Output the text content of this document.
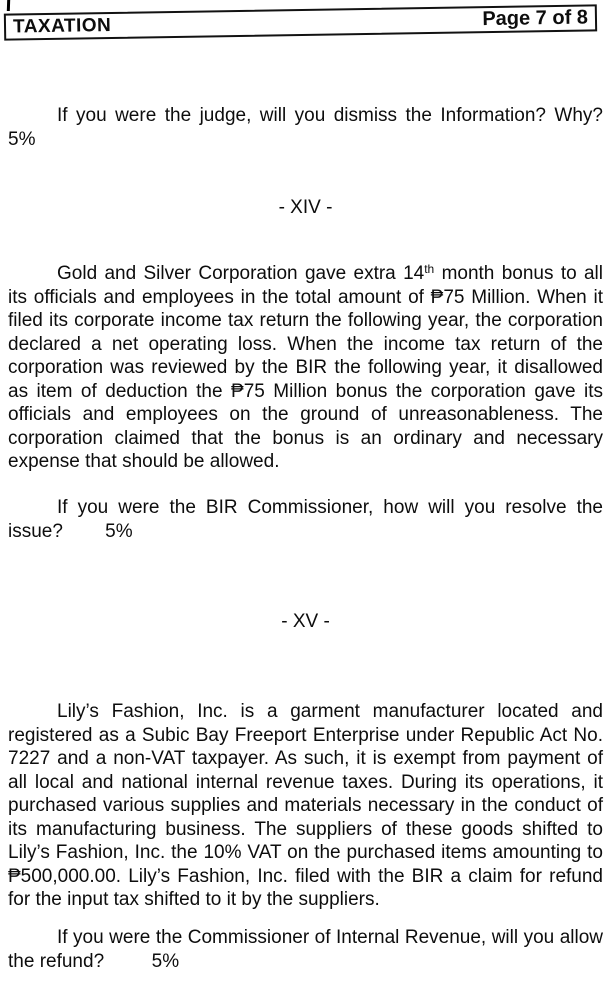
TAXATION	Page 7 of 8

If you were the judge, will you dismiss the Information? Why? 5%

- XIV -

Gold and Silver Corporation gave extra 14th month bonus to all its officials and employees in the total amount of ₱75 Million. When it filed its corporate income tax return the following year, the corporation declared a net operating loss. When the income tax return of the corporation was reviewed by the BIR the following year, it disallowed as item of deduction the ₱75 Million bonus the corporation gave its officials and employees on the ground of unreasonableness. The corporation claimed that the bonus is an ordinary and necessary expense that should be allowed.

If you were the BIR Commissioner, how will you resolve the issue?        5%

- XV -

Lily’s Fashion, Inc. is a garment manufacturer located and registered as a Subic Bay Freeport Enterprise under Republic Act No. 7227 and a non-VAT taxpayer. As such, it is exempt from payment of all local and national internal revenue taxes. During its operations, it purchased various supplies and materials necessary in the conduct of its manufacturing business. The suppliers of these goods shifted to Lily’s Fashion, Inc. the 10% VAT on the purchased items amounting to ₱500,000.00. Lily’s Fashion, Inc. filed with the BIR a claim for refund for the input tax shifted to it by the suppliers.

If you were the Commissioner of Internal Revenue, will you allow the refund?         5%
